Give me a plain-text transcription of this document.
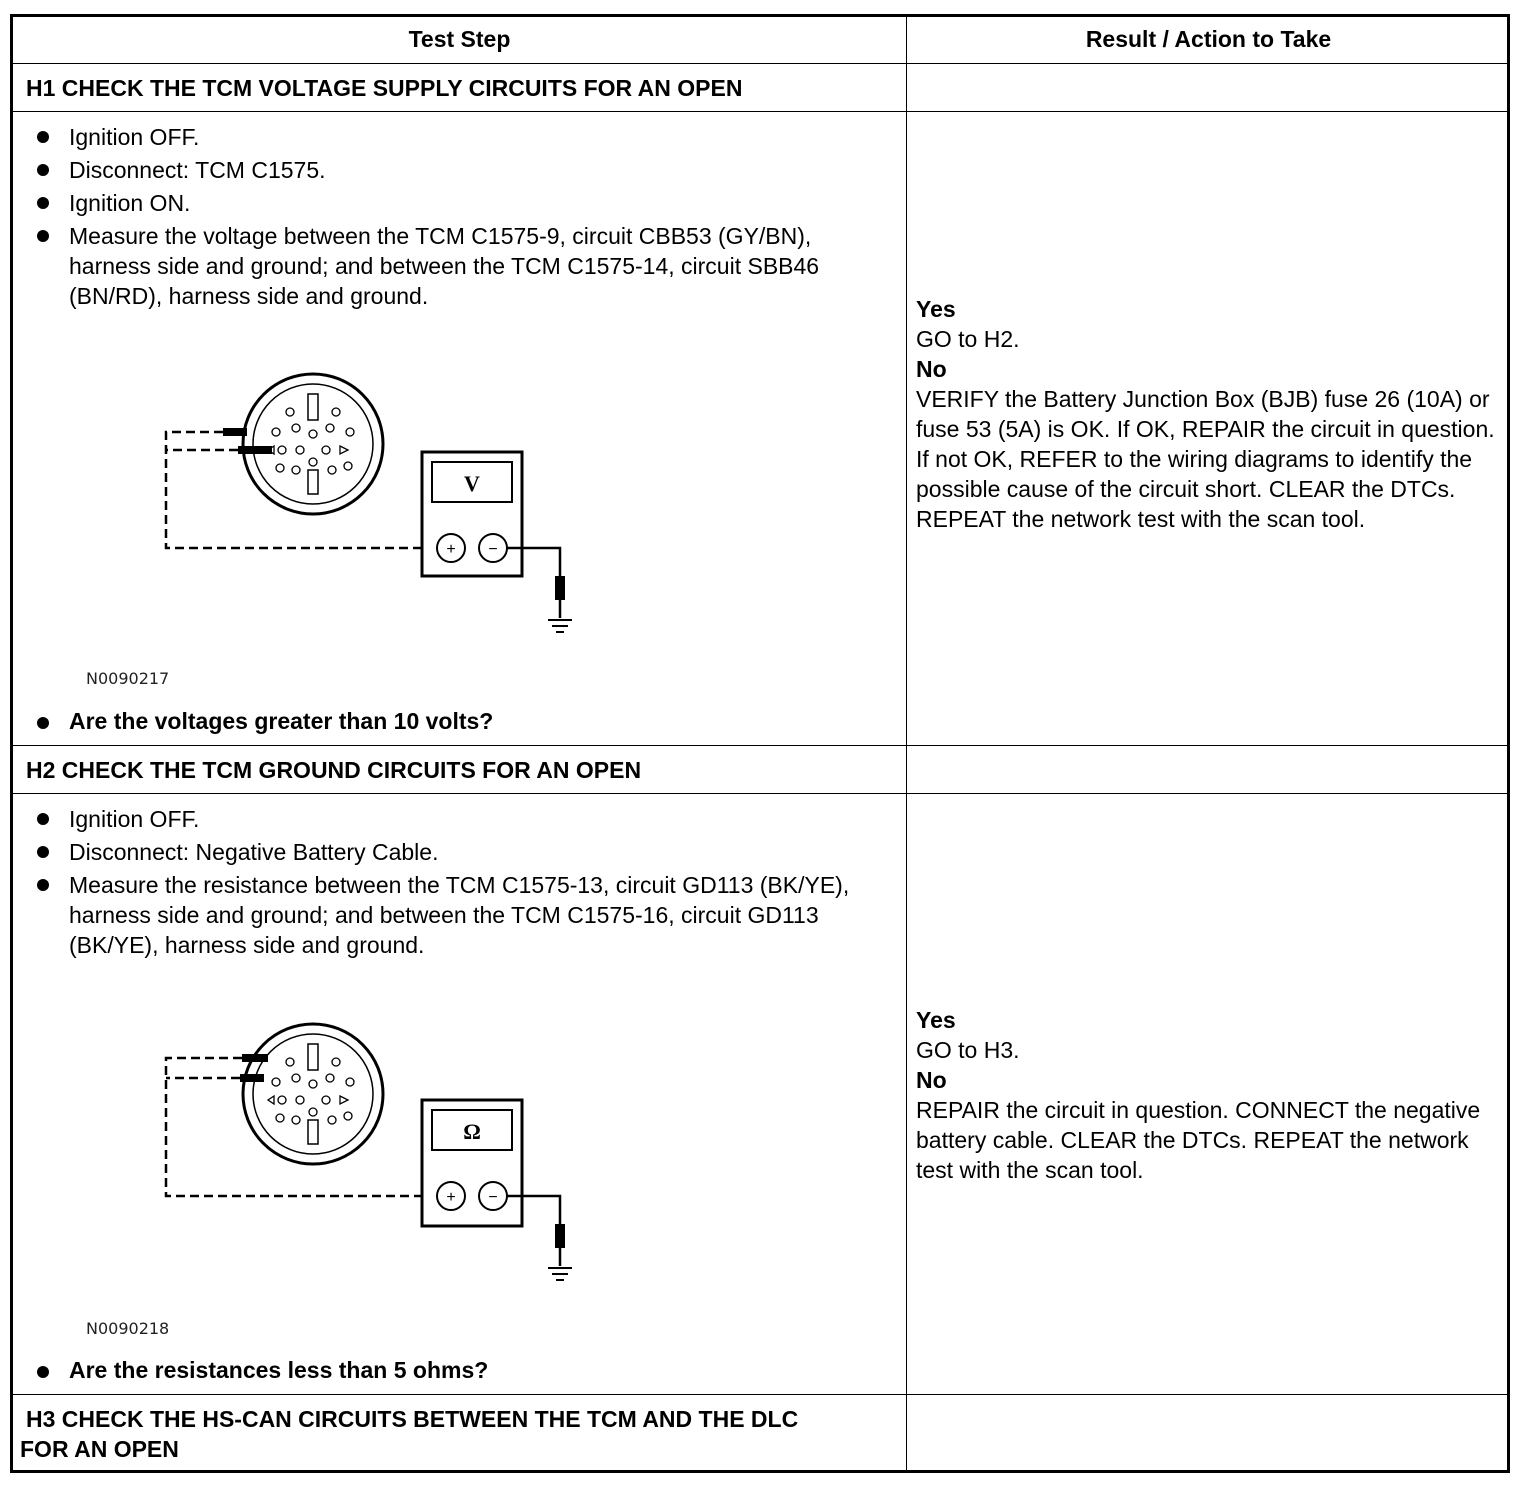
Test Step	Result / Action to Take
H1 CHECK THE TCM VOLTAGE SUPPLY CIRCUITS FOR AN OPEN
Ignition OFF.
Disconnect: TCM C1575.
Ignition ON.
Measure the voltage between the TCM C1575-9, circuit CBB53 (GY/BN), harness side and ground; and between the TCM C1575-14, circuit SBB46 (BN/RD), harness side and ground.
V
+ −
N0090217
Are the voltages greater than 10 volts?
Yes
GO to H2.
No
VERIFY the Battery Junction Box (BJB) fuse 26 (10A) or fuse 53 (5A) is OK. If OK, REPAIR the circuit in question. If not OK, REFER to the wiring diagrams to identify the possible cause of the circuit short. CLEAR the DTCs. REPEAT the network test with the scan tool.
H2 CHECK THE TCM GROUND CIRCUITS FOR AN OPEN
Ignition OFF.
Disconnect: Negative Battery Cable.
Measure the resistance between the TCM C1575-13, circuit GD113 (BK/YE), harness side and ground; and between the TCM C1575-16, circuit GD113 (BK/YE), harness side and ground.
Ω
+ −
N0090218
Are the resistances less than 5 ohms?
Yes
GO to H3.
No
REPAIR the circuit in question. CONNECT the negative battery cable. CLEAR the DTCs. REPEAT the network test with the scan tool.
H3 CHECK THE HS-CAN CIRCUITS BETWEEN THE TCM AND THE DLC
FOR AN OPEN
